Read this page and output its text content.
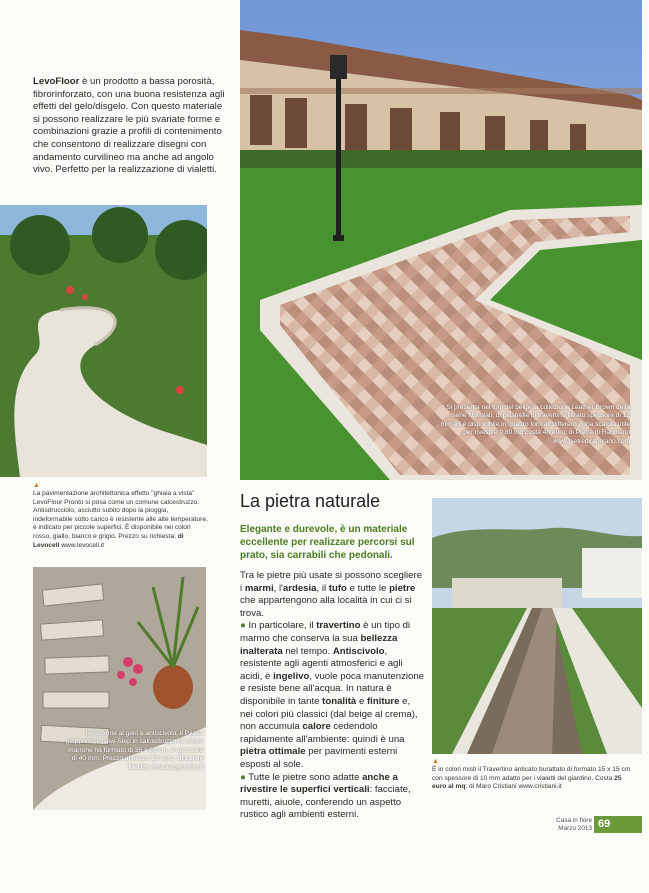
LevoFloor è un prodotto a bassa porosità, fibrorinforzato, con una buona resistenza agli effetti del gelo/disgelo. Con questo materiale si possono realizzare le più svariate forme e combinazioni grazie a profili di contenimento che consentono di realizzare disegni con andamento curvilineo ma anche ad angolo vivo. Perfetto per la realizzazione di vialetti.
Si presenta nei toni del beige la collezione Leather Brown della serie Nuvolati, di piastrelle in travertino filtrato spessore di 12 mm ed è disponibile in quattro formati differenti. Una scatola utile per rivestire 0,80 mq costa 48 euro; di Pietre di Rapolano www.pietredirapolano.com
▲
La pavimentazione architettonica effetto "ghiaia a vista" LevoFloor Pronto si posa come un comune calcestruzzo. Antisdrucciolo, asciutto subito dopo la pioggia, indeformabile sotto carico è resistente alle alte temperature, è indicato per piccole superfici. È disponibile nei colori rosso, giallo, bianco e grigio. Prezzo su richiesta; di Levocell www.levocell.it
Resistente al gelo e antiscivolo, il Passo giapponese New-Step in calcestruzzo di colore marrone ha formato di 35 x 60 cm, e spessore di 40 mm. Prezzo al pezzo 15 euro; di Leroy Merlin www.leroymerlin.it
La pietra naturale
Elegante e durevole, è un materiale eccellente per realizzare percorsi sul prato, sia carrabili che pedonali.
Tra le pietre più usate si possono scegliere i marmi, l'ardesia, il tufo e tutte le pietre che appartengono alla località in cui ci si trova.
● In particolare, il travertino è un tipo di marmo che conserva la sua bellezza inalterata nel tempo. Antiscivolo, resistente agli agenti atmosferici e agli acidi, è ingelivo, vuole poca manutenzione e resiste bene all'acqua. In natura è disponibile in tante tonalità e finiture e, nei colori più classici (dal beige al crema), non accumula calore cedendolo rapidamente all'ambiente: quindi è una pietra ottimale per pavimenti esterni esposti al sole.
● Tutte le pietre sono adatte anche a rivestire le superfici verticali: facciate, muretti, aiuole, conferendo un aspetto rustico agli ambienti esterni.
▲
È in colori misti il Travertino anticato burattato di formato 15 x 15 cm con spessore di 10 mm adatto per i vialetti del giardino. Costa 25 euro al mq; di Maro Cristiani www.cristiani.it
Casa in fiore
Marzo 2013 69
